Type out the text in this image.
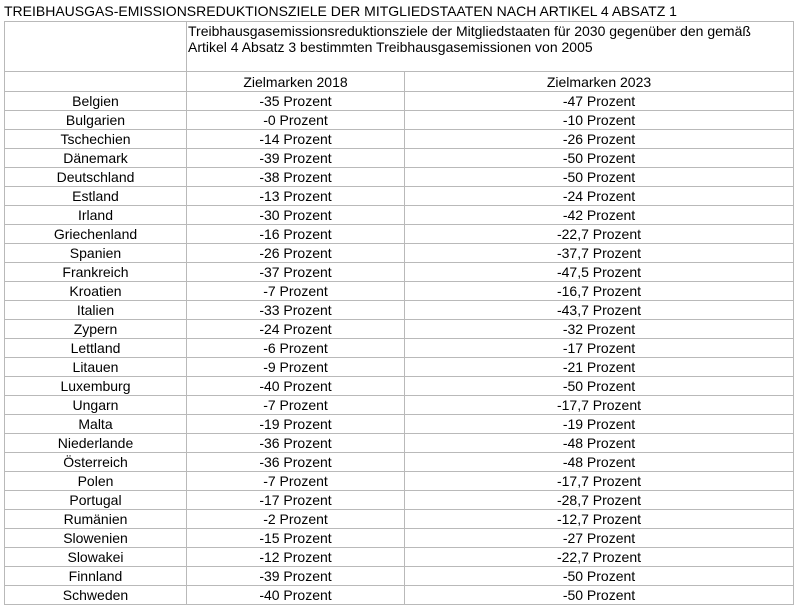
TREIBHAUSGAS-EMISSIONSREDUKTIONSZIELE DER MITGLIEDSTAATEN NACH ARTIKEL 4 ABSATZ 1
	Treibhausgasemissionsreduktionsziele der Mitgliedstaaten für 2030 gegenüber den gemäß Artikel 4 Absatz 3 bestimmten Treibhausgasemissionen von 2005	
	Zielmarken 2018	Zielmarken 2023
Belgien	-35 Prozent	-47 Prozent
Bulgarien	-0 Prozent	-10 Prozent
Tschechien	-14 Prozent	-26 Prozent
Dänemark	-39 Prozent	-50 Prozent
Deutschland	-38 Prozent	-50 Prozent
Estland	-13 Prozent	-24 Prozent
Irland	-30 Prozent	-42 Prozent
Griechenland	-16 Prozent	-22,7 Prozent
Spanien	-26 Prozent	-37,7 Prozent
Frankreich	-37 Prozent	-47,5 Prozent
Kroatien	-7 Prozent	-16,7 Prozent
Italien	-33 Prozent	-43,7 Prozent
Zypern	-24 Prozent	-32 Prozent
Lettland	-6 Prozent	-17 Prozent
Litauen	-9 Prozent	-21 Prozent
Luxemburg	-40 Prozent	-50 Prozent
Ungarn	-7 Prozent	-17,7 Prozent
Malta	-19 Prozent	-19 Prozent
Niederlande	-36 Prozent	-48 Prozent
Österreich	-36 Prozent	-48 Prozent
Polen	-7 Prozent	-17,7 Prozent
Portugal	-17 Prozent	-28,7 Prozent
Rumänien	-2 Prozent	-12,7 Prozent
Slowenien	-15 Prozent	-27 Prozent
Slowakei	-12 Prozent	-22,7 Prozent
Finnland	-39 Prozent	-50 Prozent
Schweden	-40 Prozent	-50 Prozent
